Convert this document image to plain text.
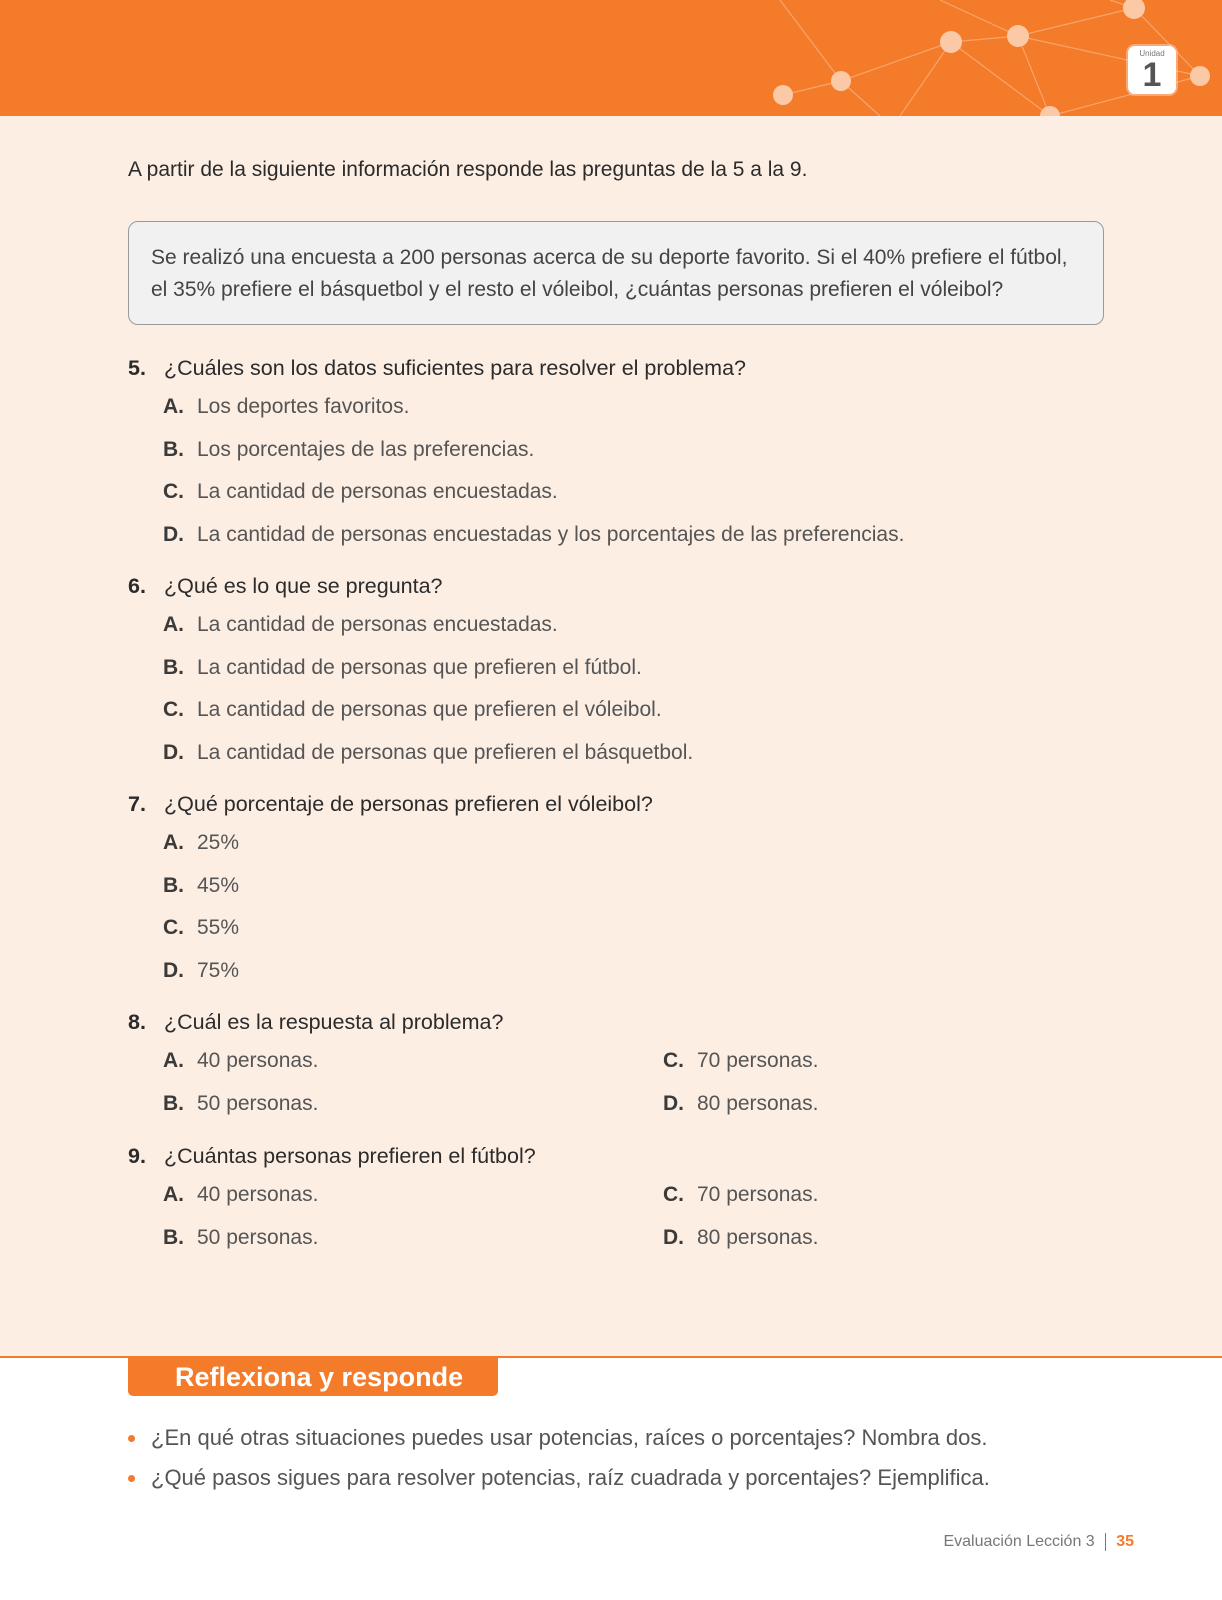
Unidad
1
A partir de la siguiente información responde las preguntas de la 5 a la 9.
Se realizó una encuesta a 200 personas acerca de su deporte favorito. Si el 40% prefiere el fútbol,
el 35% prefiere el básquetbol y el resto el vóleibol, ¿cuántas personas prefieren el vóleibol?
5. ¿Cuáles son los datos suficientes para resolver el problema?
A. Los deportes favoritos.
B. Los porcentajes de las preferencias.
C. La cantidad de personas encuestadas.
D. La cantidad de personas encuestadas y los porcentajes de las preferencias.
6. ¿Qué es lo que se pregunta?
A. La cantidad de personas encuestadas.
B. La cantidad de personas que prefieren el fútbol.
C. La cantidad de personas que prefieren el vóleibol.
D. La cantidad de personas que prefieren el básquetbol.
7. ¿Qué porcentaje de personas prefieren el vóleibol?
A. 25%
B. 45%
C. 55%
D. 75%
8. ¿Cuál es la respuesta al problema?
A. 40 personas.
B. 50 personas.
C. 70 personas.
D. 80 personas.
9. ¿Cuántas personas prefieren el fútbol?
A. 40 personas.
B. 50 personas.
C. 70 personas.
D. 80 personas.
Reflexiona y responde
¿En qué otras situaciones puedes usar potencias, raíces o porcentajes? Nombra dos.
¿Qué pasos sigues para resolver potencias, raíz cuadrada y porcentajes? Ejemplifica.
Evaluación Lección 3 35
